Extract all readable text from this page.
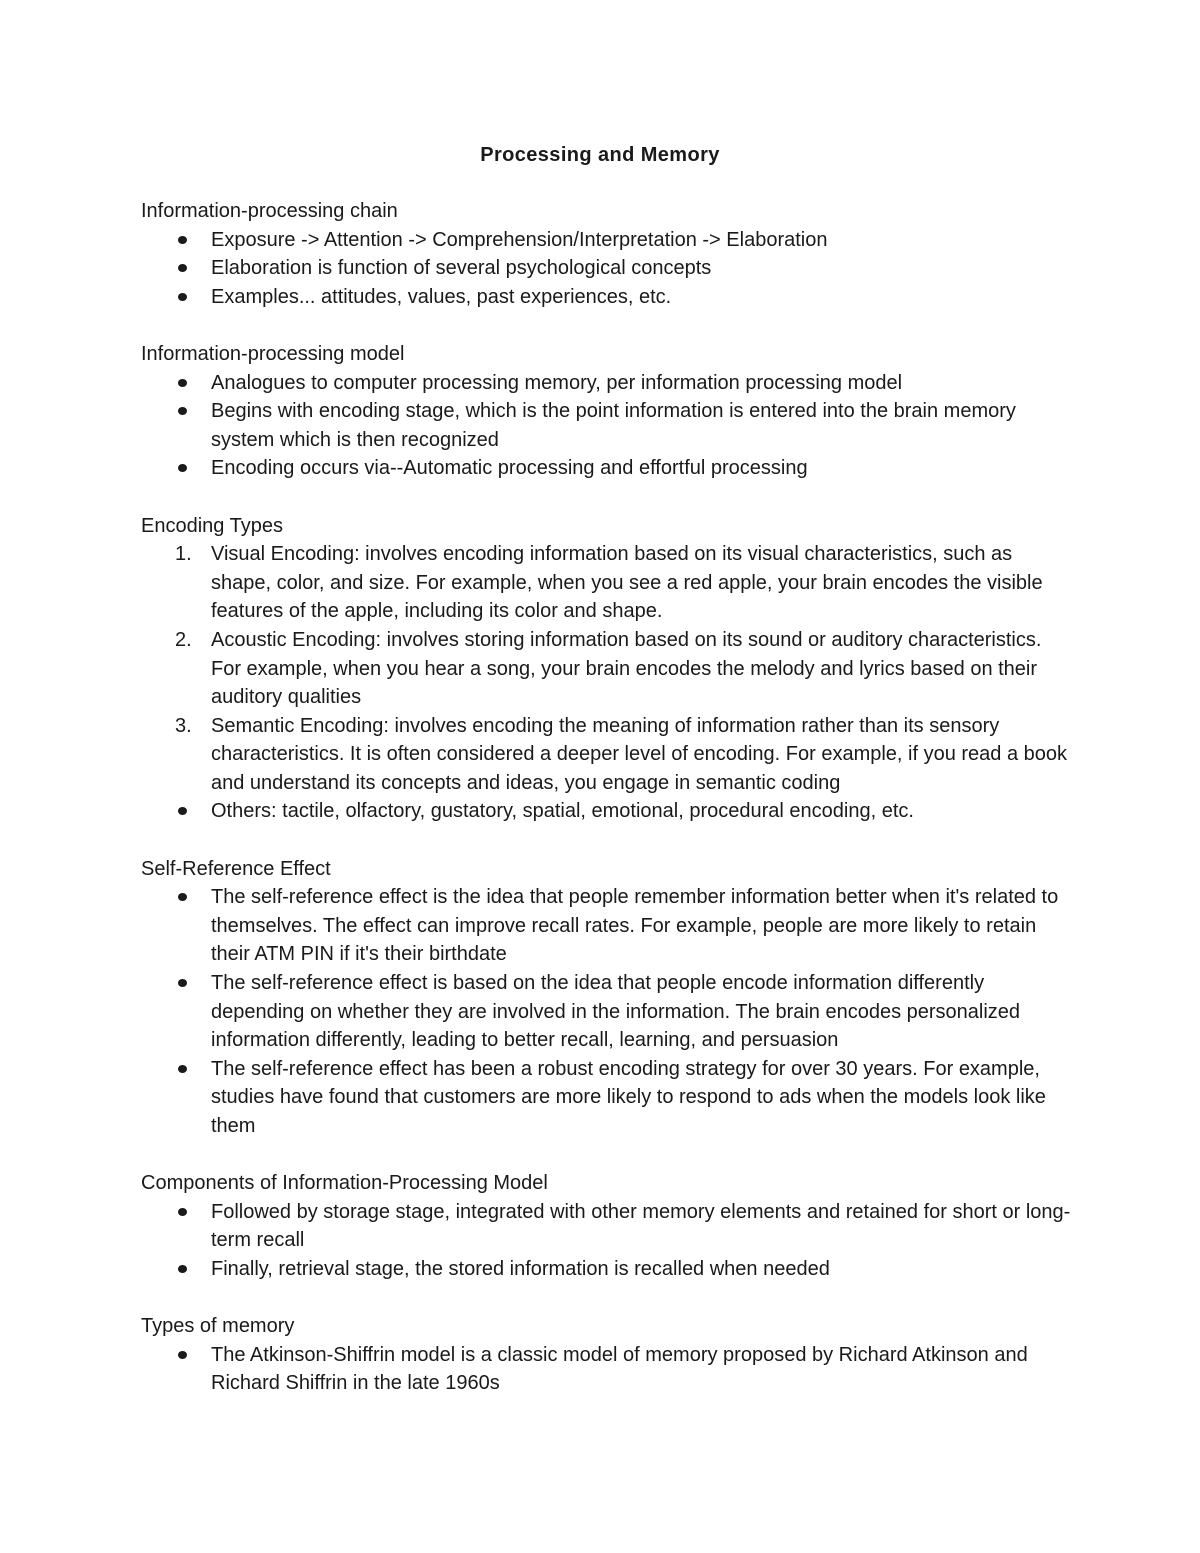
Processing and Memory
Information-processing chain
Exposure -> Attention -> Comprehension/Interpretation -> Elaboration
Elaboration is function of several psychological concepts
Examples... attitudes, values, past experiences, etc.
Information-processing model
Analogues to computer processing memory, per information processing model
Begins with encoding stage, which is the point information is entered into the brain memory system which is then recognized
Encoding occurs via--Automatic processing and effortful processing
Encoding Types
1. Visual Encoding: involves encoding information based on its visual characteristics, such as shape, color, and size. For example, when you see a red apple, your brain encodes the visible features of the apple, including its color and shape.
2. Acoustic Encoding: involves storing information based on its sound or auditory characteristics. For example, when you hear a song, your brain encodes the melody and lyrics based on their auditory qualities
3. Semantic Encoding: involves encoding the meaning of information rather than its sensory characteristics. It is often considered a deeper level of encoding. For example, if you read a book and understand its concepts and ideas, you engage in semantic coding
Others: tactile, olfactory, gustatory, spatial, emotional, procedural encoding, etc.
Self-Reference Effect
The self-reference effect is the idea that people remember information better when it's related to themselves. The effect can improve recall rates. For example, people are more likely to retain their ATM PIN if it's their birthdate
The self-reference effect is based on the idea that people encode information differently depending on whether they are involved in the information. The brain encodes personalized information differently, leading to better recall, learning, and persuasion
The self-reference effect has been a robust encoding strategy for over 30 years. For example, studies have found that customers are more likely to respond to ads when the models look like them
Components of Information-Processing Model
Followed by storage stage, integrated with other memory elements and retained for short or long-term recall
Finally, retrieval stage, the stored information is recalled when needed
Types of memory
The Atkinson-Shiffrin model is a classic model of memory proposed by Richard Atkinson and Richard Shiffrin in the late 1960s
